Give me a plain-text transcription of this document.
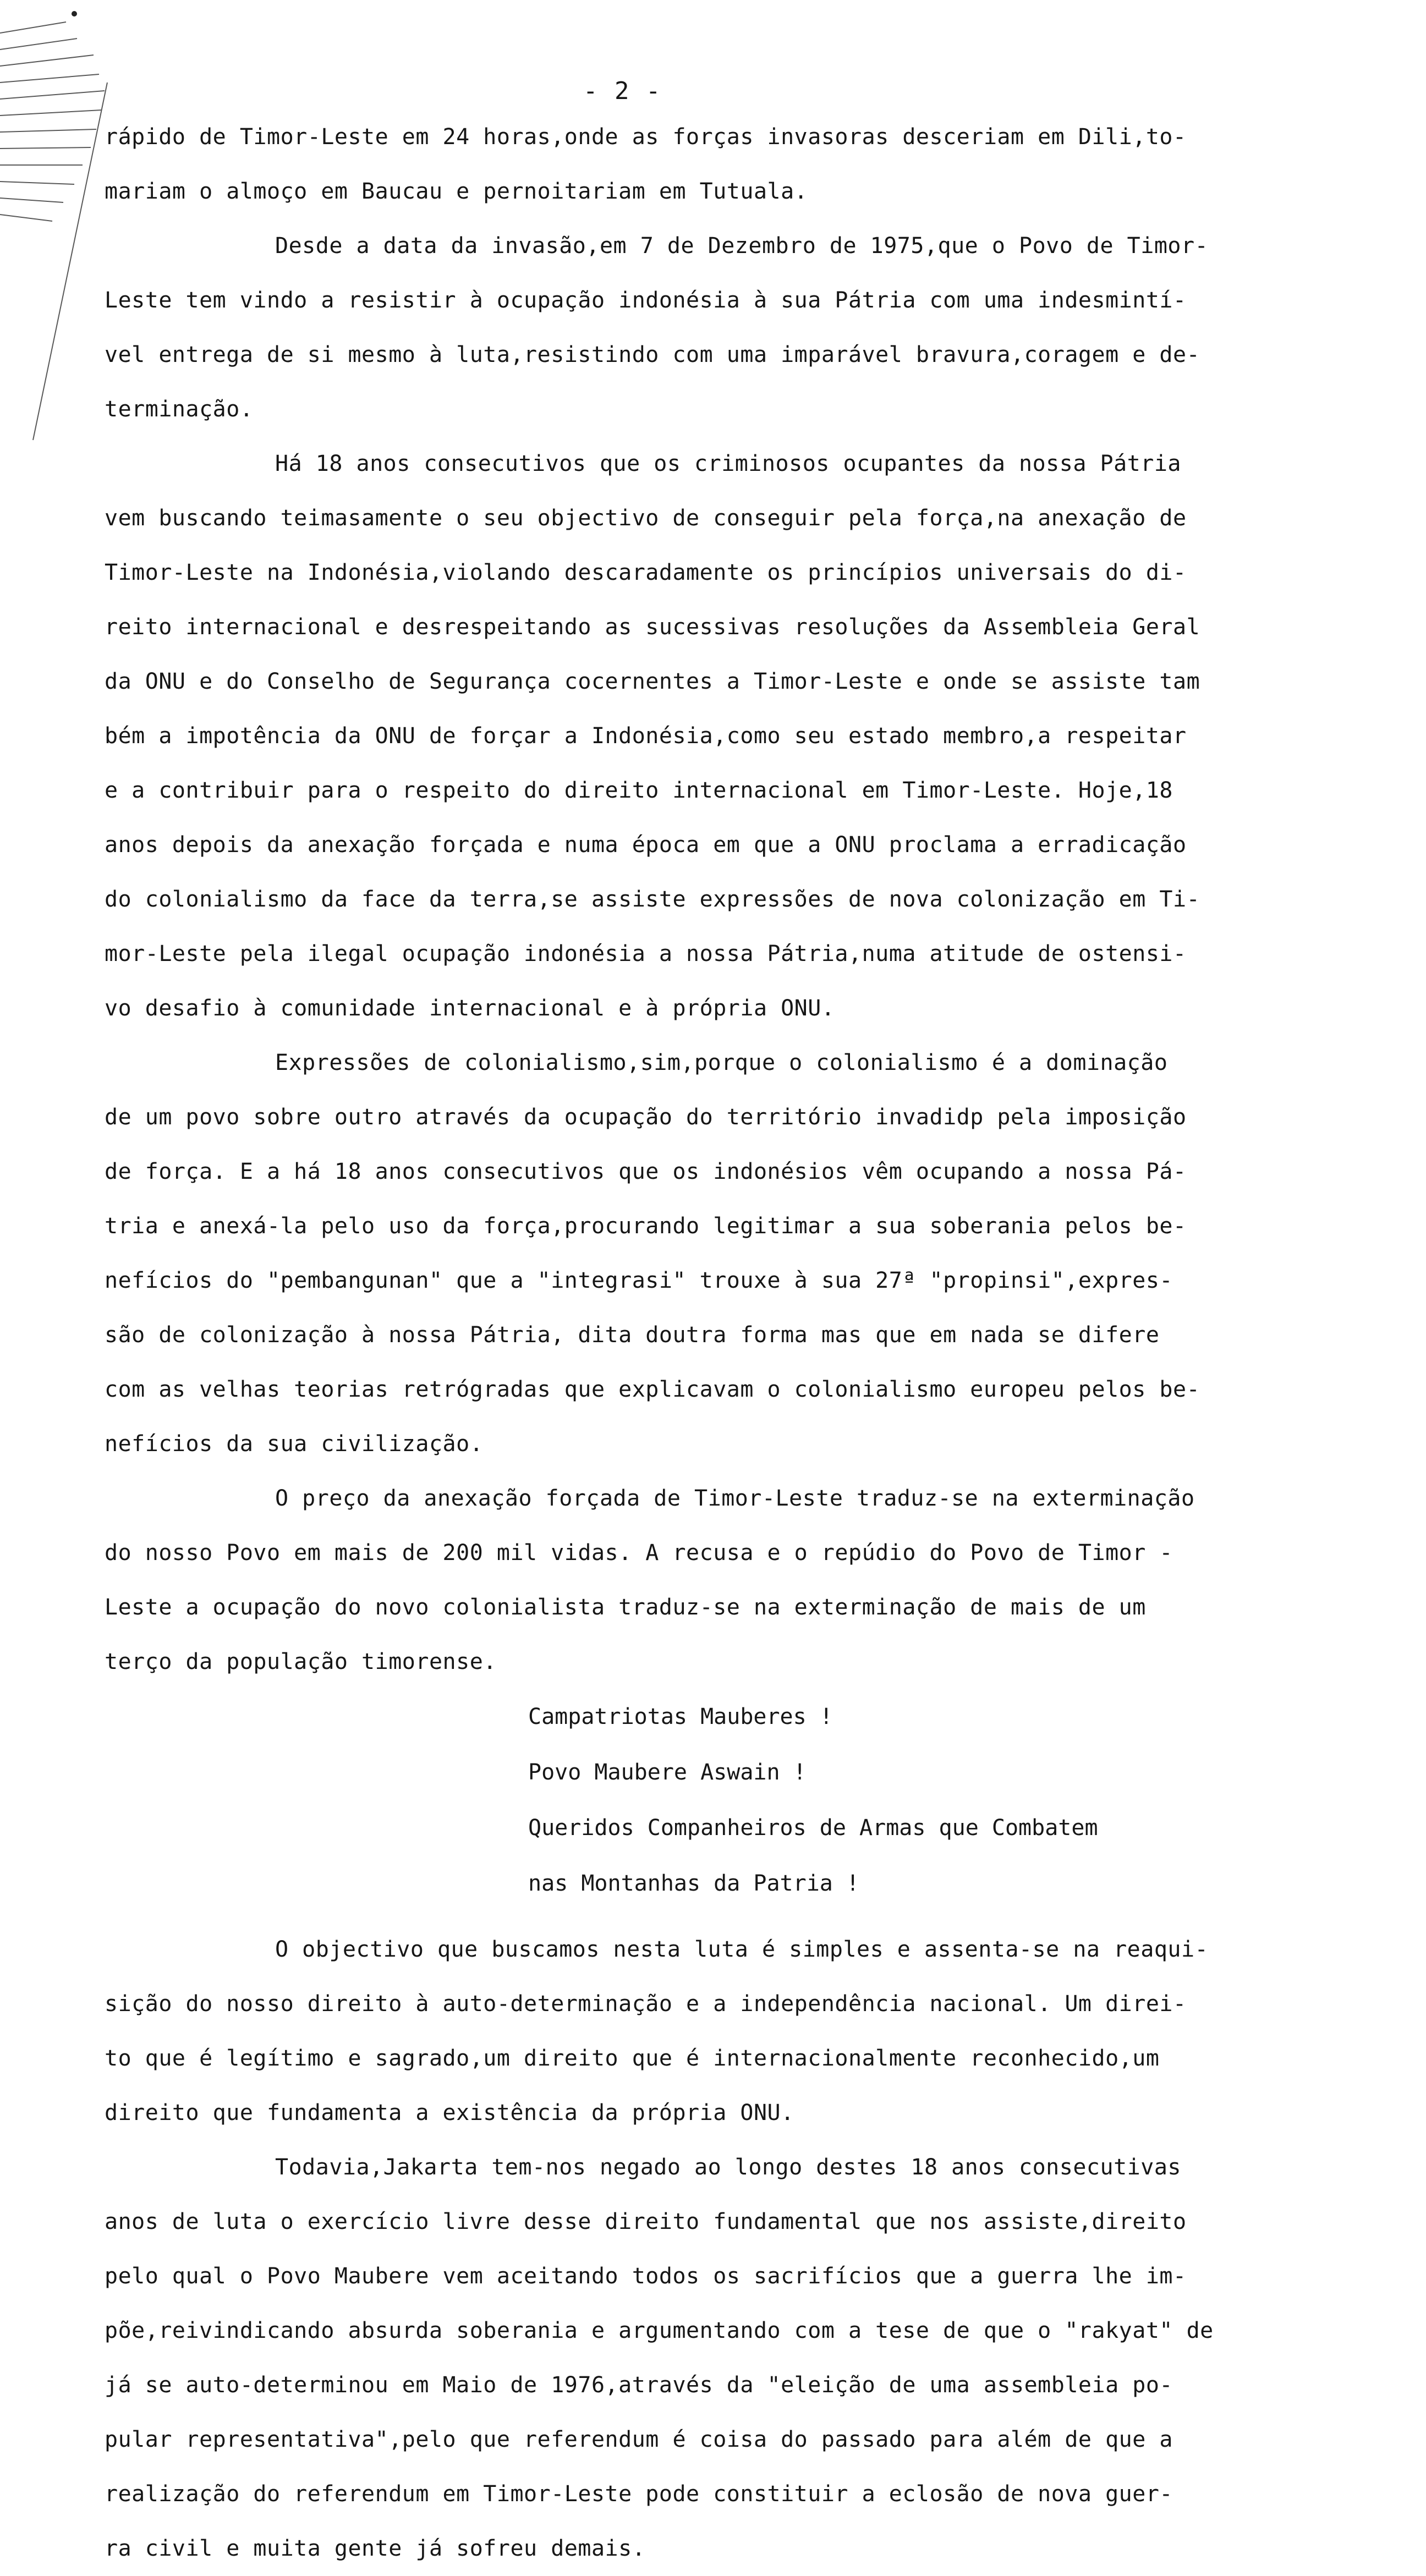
- 2 -
rápido de Timor-Leste em 24 horas,onde as forças invasoras desceriam em Dili,to-
mariam o almoço em Baucau e pernoitariam em Tutuala.
Desde a data da invasão,em 7 de Dezembro de 1975,que o Povo de Timor-
Leste tem vindo a resistir à ocupação indonésia à sua Pátria com uma indesmintí-
vel entrega de si mesmo à luta,resistindo com uma imparável bravura,coragem e de-
terminação.
Há 18 anos consecutivos que os criminosos ocupantes da nossa Pátria
vem buscando teimasamente o seu objectivo de conseguir pela força,na anexação de
Timor-Leste na Indonésia,violando descaradamente os princípios universais do di-
reito internacional e desrespeitando as sucessivas resoluções da Assembleia Geral
da ONU e do Conselho de Segurança cocernentes a Timor-Leste e onde se assiste tam
bém a impotência da ONU de forçar a Indonésia,como seu estado membro,a respeitar
e a contribuir para o respeito do direito internacional em Timor-Leste. Hoje,18
anos depois da anexação forçada e numa época em que a ONU proclama a erradicação
do colonialismo da face da terra,se assiste expressões de nova colonização em Ti-
mor-Leste pela ilegal ocupação indonésia a nossa Pátria,numa atitude de ostensi-
vo desafio à comunidade internacional e à própria ONU.
Expressões de colonialismo,sim,porque o colonialismo é a dominação
de um povo sobre outro através da ocupação do território invadidp pela imposição
de força. E a há 18 anos consecutivos que os indonésios vêm ocupando a nossa Pá-
tria e anexá-la pelo uso da força,procurando legitimar a sua soberania pelos be-
nefícios do "pembangunan" que a "integrasi" trouxe à sua 27ª "propinsi",expres-
são de colonização à nossa Pátria, dita doutra forma mas que em nada se difere
com as velhas teorias retrógradas que explicavam o colonialismo europeu pelos be-
nefícios da sua civilização.
O preço da anexação forçada de Timor-Leste traduz-se na exterminação
do nosso Povo em mais de 200 mil vidas. A recusa e o repúdio do Povo de Timor -
Leste a ocupação do novo colonialista traduz-se na exterminação de mais de um
terço da população timorense.
Campatriotas Mauberes !
Povo Maubere Aswain !
Queridos Companheiros de Armas que Combatem
nas Montanhas da Patria !
O objectivo que buscamos nesta luta é simples e assenta-se na reaqui-
sição do nosso direito à auto-determinação e a independência nacional. Um direi-
to que é legítimo e sagrado,um direito que é internacionalmente reconhecido,um
direito que fundamenta a existência da própria ONU.
Todavia,Jakarta tem-nos negado ao longo destes 18 anos consecutivas
anos de luta o exercício livre desse direito fundamental que nos assiste,direito
pelo qual o Povo Maubere vem aceitando todos os sacrifícios que a guerra lhe im-
põe,reivindicando absurda soberania e argumentando com a tese de que o "rakyat" de
já se auto-determinou em Maio de 1976,através da "eleição de uma assembleia po-
pular representativa",pelo que referendum é coisa do passado para além de que a
realização do referendum em Timor-Leste pode constituir a eclosão de nova guer-
ra civil e muita gente já sofreu demais.
